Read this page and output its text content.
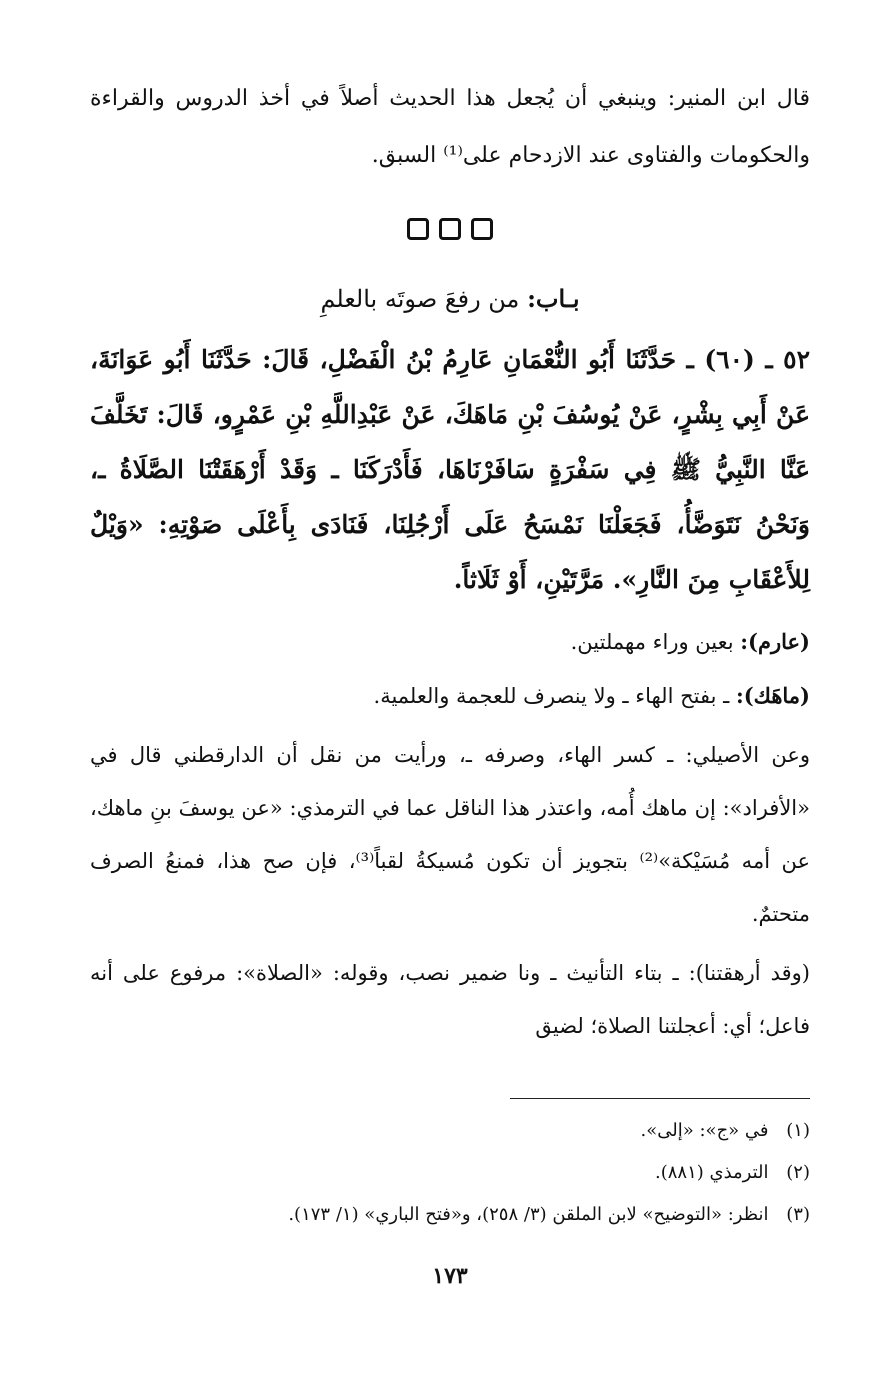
قال ابن المنير: وينبغي أن يُجعل هذا الحديث أصلاً في أخذ الدروس والقراءة والحكومات والفتاوى عند الازدحام على⁽¹⁾ السبق.

بـاب: من رفعَ صوتَه بالعلمِ

٥٢ ـ (٦٠) ـ حَدَّثَنَا أَبُو النُّعْمَانِ عَارِمُ بْنُ الْفَضْلِ، قَالَ: حَدَّثَنَا أَبُو عَوَانَةَ، عَنْ أَبِي بِشْرٍ، عَنْ يُوسُفَ بْنِ مَاهَكَ، عَنْ عَبْدِاللَّهِ بْنِ عَمْرٍو، قَالَ: تَخَلَّفَ عَنَّا النَّبِيُّ ﷺ فِي سَفْرَةٍ سَافَرْنَاهَا، فَأَدْرَكَنَا ـ وَقَدْ أَرْهَقَتْنَا الصَّلَاةُ ـ، وَنَحْنُ نَتَوَضَّأُ، فَجَعَلْنَا نَمْسَحُ عَلَى أَرْجُلِنَا، فَنَادَى بِأَعْلَى صَوْتِهِ: «وَيْلٌ لِلأَعْقَابِ مِنَ النَّارِ». مَرَّتَيْنِ، أَوْ ثَلَاثاً.

(عارم): بعين وراء مهملتين.

(ماهَك): ـ بفتح الهاء ـ ولا ينصرف للعجمة والعلمية.

وعن الأصيلي: ـ كسر الهاء، وصرفه ـ، ورأيت من نقل أن الدارقطني قال في «الأفراد»: إن ماهك أُمه، واعتذر هذا الناقل عما في الترمذي: «عن يوسفَ بنِ ماهك، عن أمه مُسَيْكة»⁽²⁾ بتجويز أن تكون مُسيكةُ لقباً⁽³⁾، فإن صح هذا، فمنعُ الصرف متحتمٌ.

(وقد أرهقتنا): ـ بتاء التأنيث ـ ونا ضمير نصب، وقوله: «الصلاة»: مرفوع على أنه فاعل؛ أي: أعجلتنا الصلاة؛ لضيق

(١) في «ج»: «إلى».

(٢) الترمذي (٨٨١).

(٣) انظر: «التوضيح» لابن الملقن (٣/ ٢٥٨)، و«فتح الباري» (١/ ١٧٣).

١٧٣
